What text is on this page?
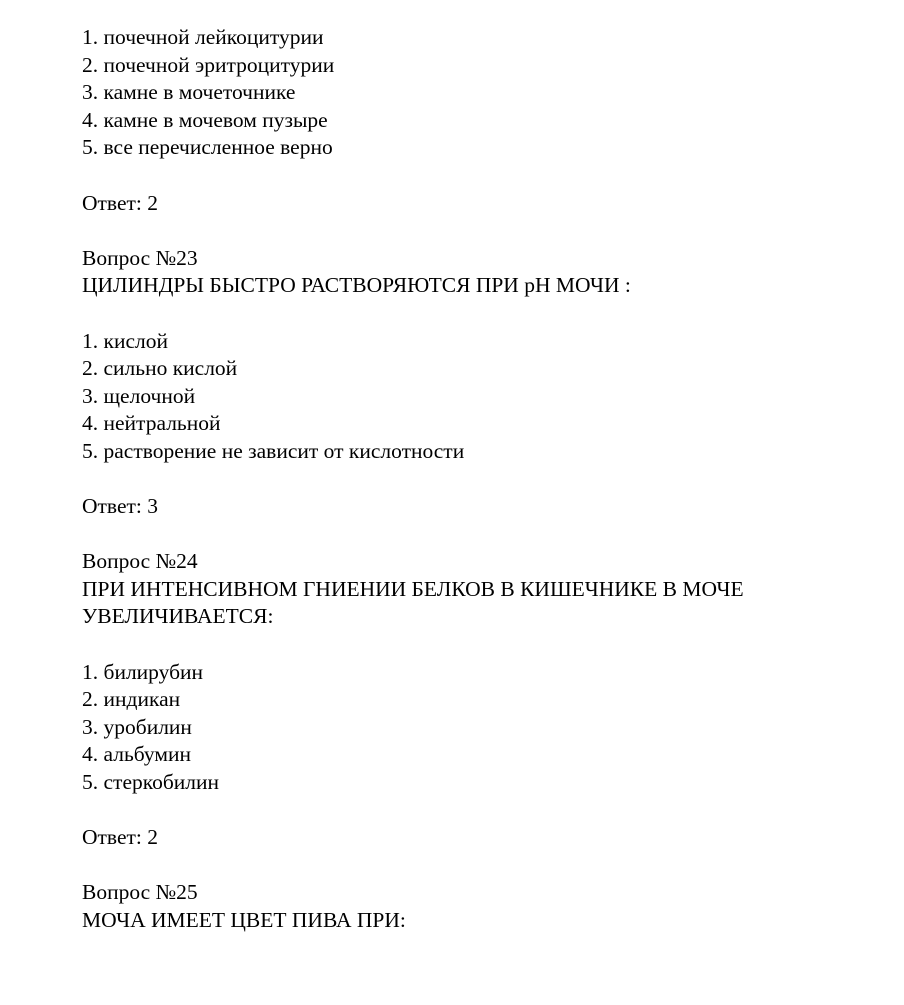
1. почечной лейкоцитурии
2. почечной эритроцитурии
3. камне в мочеточнике
4. камне в мочевом пузыре
5. все перечисленное верно
Ответ: 2
Вопрос №23
ЦИЛИНДРЫ БЫСТРО РАСТВОРЯЮТСЯ ПРИ pH МОЧИ :
1. кислой
2. сильно кислой
3. щелочной
4. нейтральной
5. растворение не зависит от кислотности
Ответ: 3
Вопрос №24
ПРИ ИНТЕНСИВНОМ ГНИЕНИИ БЕЛКОВ В КИШЕЧНИКЕ В МОЧЕ
УВЕЛИЧИВАЕТСЯ:
1. билирубин
2. индикан
3. уробилин
4. альбумин
5. стеркобилин
Ответ: 2
Вопрос №25
МОЧА ИМЕЕТ ЦВЕТ ПИВА ПРИ:
